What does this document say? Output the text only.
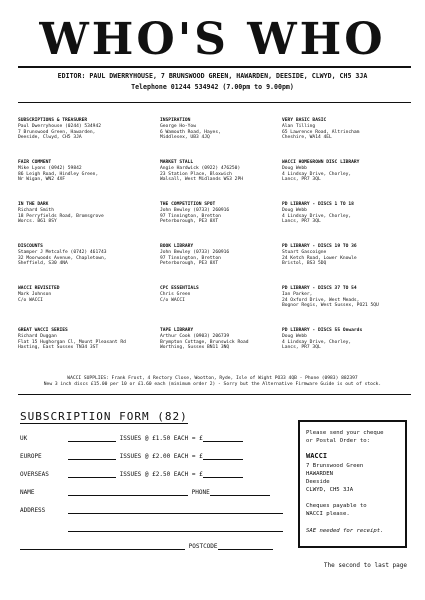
WHO'S WHO
EDITOR: PAUL DWERRYHOUSE, 7 BRUNSWOOD GREEN, HAWARDEN, DEESIDE, CLWYD, CH5 3JA
Telephone 01244 534942 (7.00pm to 9.00pm)
SUBSCRIPTIONS & TREASURER
Paul Dwerryhouse (0244) 534942
7 Brunswood Green, Hawarden,
Deeside, Clwyd, CH5 3JA
INSPIRATION
George Ho-Yow
6 Wamouth Road, Hayes,
Middlesex, UB3 4JQ
VERY BASIC BASIC
Alan Tilling
65 Lawrence Road, Altrincham
Cheshire, WA14 4EL
FAIR COMMENT
Mike Lyons (0942) 59842
86 Leigh Road, Hindley Green,
Nr Wigan, WN2 4XF
MARKET STALL
Angie Hardwick (0922) 476250)
23 Station Place, Bloxwich
Walsall, West Midlands WS3 2PH
WACCI HOMEGROWN DISC LIBRARY
Doug Webb
4 Lindsay Drive, Chorley,
Lancs, PR7 3QL
IN THE DARK
Richard Smith
18 Perryfields Road, Bromsgrove
Worcs. B61 8SY
THE COMPETITION SPOT
John Bewley (0733) 260916
97 Tinnington, Bretton
Peterborough, PE3 8XT
PD LIBRARY - DISCS 1 TO 18
Doug Webb
4 Lindsay Drive, Chorley,
Lancs, PR7 3QL
DISCOUNTS
Stamper J Metcalfe (0742) 461743
32 Moorwoods Avenue, Chapletown,
Sheffield, S30 4NA
BOOK LIBRARY
John Bewley (0733) 260916
97 Tinnington, Bretton
Peterborough, PE3 8XT
PD LIBRARY - DISCS 19 TO 36
Stuart Gascoigne
24 Ketch Road, Lower Knowle
Bristol, BS3 5DQ
WACCI REVISITED
Mark Johnson
C/o WACCI
CPC ESSENTIALS
Chris Green
C/o WACCI
PD LIBRARY - DISCS 37 TO 54
Ian Parker,
24 Oxford Drive, West Meads,
Bognor Regis, West Sussex, PO21 5QU
GREAT WACCI SERIES
Richard Duggan
Flat 15 Hughorgan Cl, Mount Pleasant Rd
Hasting, East Sussex TN34 3ST
TAPE LIBRARY
Arthur Cook (0903) 206739
Brympton Cottage, Brunswick Road
Worthing, Sussex BN11 3NQ
PD LIBRARY - DISCS 55 Onwards
Doug Webb
4 Lindsay Drive, Chorley,
Lancs, PR7 3QL
WACCI SUPPLIES: Frank Frost, 4 Rectory Close, Wootton, Ryde, Isle of Wight PO33 4QB - Phone (0983) 882397
New 3 inch discs £15.00 per 10 or £1.60 each (minimum order 2) - Sorry but the Alternative Firmware Guide is out of stock.
SUBSCRIPTION FORM (82)
UK	ISSUES @ £1.50 EACH = £
EUROPE	ISSUES @ £2.00 EACH = £
OVERSEAS	ISSUES @ £2.50 EACH = £
NAME	PHONE
ADDRESS
POSTCODE
Please send your cheque
or Postal Order to:
WACCI
7 Brunswood Green
HAWARDEN
Deeside
CLWYD, CH5 3JA
Cheques payable to
WACCI please.
SAE needed for receipt.
The second to last page
